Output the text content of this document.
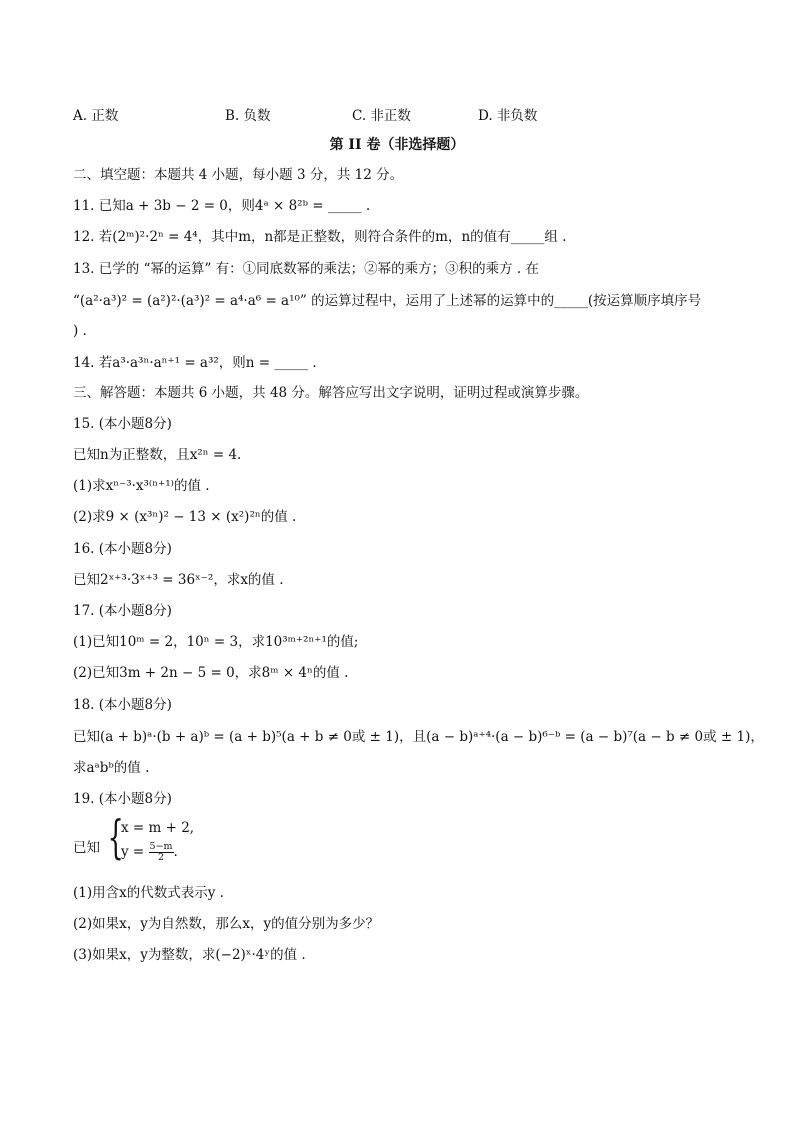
A. 正数	B. 负数	C. 非正数	D. 非负数
第 II 卷（非选择题）
二、填空题：本题共 4 小题，每小题 3 分，共 12 分。
11. 已知a + 3b − 2 = 0，则4ᵃ × 8²ᵇ = _____ .
12. 若(2ᵐ)²·2ⁿ = 4⁴，其中m，n都是正整数，则符合条件的m，n的值有_____组 .
13. 已学的 “幂的运算” 有：①同底数幂的乘法；②幂的乘方；③积的乘方 . 在
“(a²·a³)² = (a²)²·(a³)² = a⁴·a⁶ = a¹⁰” 的运算过程中，运用了上述幂的运算中的_____(按运算顺序填序号
) .
14. 若a³·a³ⁿ·aⁿ⁺¹ = a³²，则n = _____ .
三、解答题：本题共 6 小题，共 48 分。解答应写出文字说明，证明过程或演算步骤。
15. (本小题8分)
已知n为正整数，且x²ⁿ = 4.
(1)求xⁿ⁻³·x³⁽ⁿ⁺¹⁾的值 .
(2)求9 × (x³ⁿ)² − 13 × (x²)²ⁿ的值 .
16. (本小题8分)
已知2ˣ⁺³·3ˣ⁺³ = 36ˣ⁻²，求x的值 .
17. (本小题8分)
(1)已知10ᵐ = 2，10ⁿ = 3，求10³ᵐ⁺²ⁿ⁺¹的值;
(2)已知3m + 2n − 5 = 0，求8ᵐ × 4ⁿ的值 .
18. (本小题8分)
已知(a + b)ᵃ·(b + a)ᵇ = (a + b)⁵(a + b ≠ 0或 ± 1)，且(a − b)ᵃ⁺⁴·(a − b)⁶⁻ᵇ = (a − b)⁷(a − b ≠ 0或 ± 1)，
求aᵃbᵇ的值 .
19. (本小题8分)
已知 {
x = m + 2,
$y = \frac{5-m}{2}$ .
(1)用含x的代数式表示y .
(2)如果x，y为自然数，那么x，y的值分别为多少？
(3)如果x，y为整数，求(−2)ˣ·4ʸ的值 .
